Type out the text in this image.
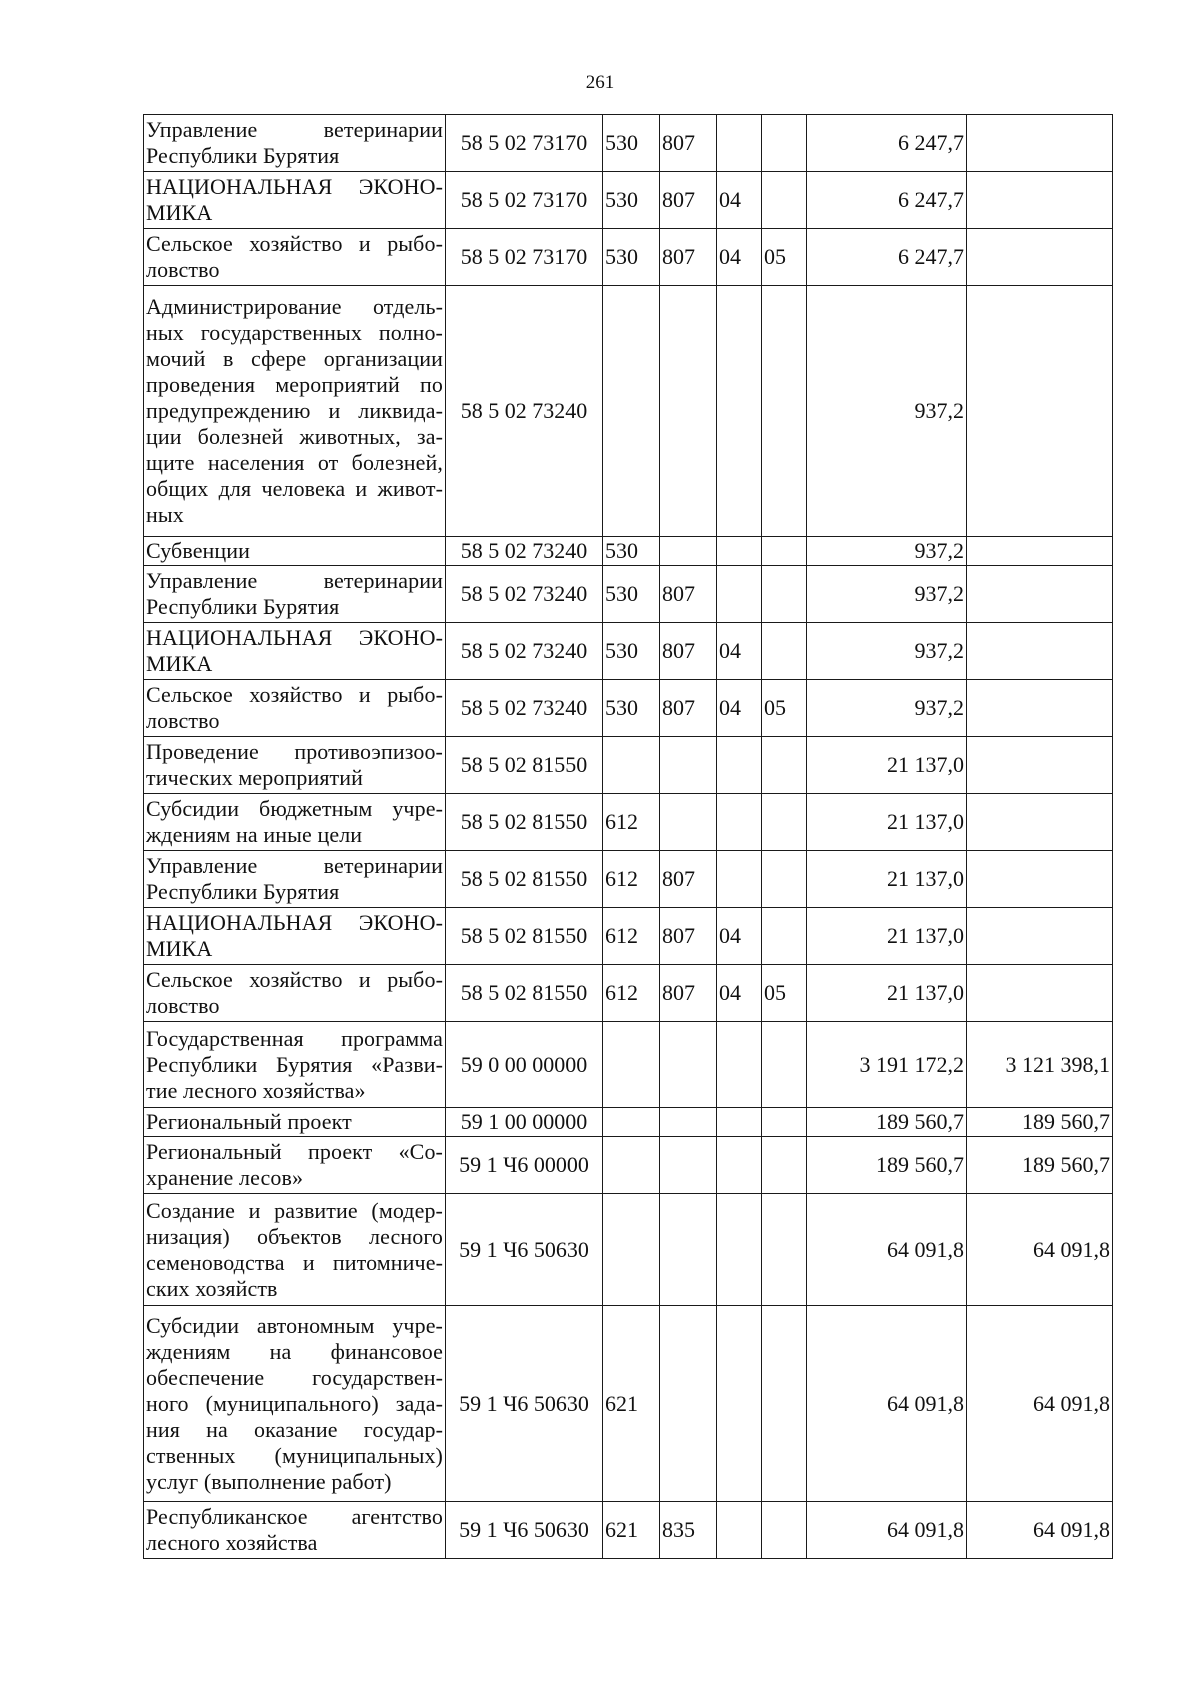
261
Управление ветеринарии Республики Бурятия	58 5 02 73170	530	807			6 247,7	
НАЦИОНАЛЬНАЯ ЭКОНО-МИКА	58 5 02 73170	530	807	04		6 247,7	
Сельское хозяйство и рыбо-ловство	58 5 02 73170	530	807	04	05	6 247,7	
Администрирование отдель-ных государственных полно-мочий в сфере организации проведения мероприятий по предупреждению и ликвида-ции болезней животных, за-щите населения от болезней, общих для человека и живот-ных	58 5 02 73240					937,2	
Субвенции	58 5 02 73240	530				937,2	
Управление ветеринарии Республики Бурятия	58 5 02 73240	530	807			937,2	
НАЦИОНАЛЬНАЯ ЭКОНО-МИКА	58 5 02 73240	530	807	04		937,2	
Сельское хозяйство и рыбо-ловство	58 5 02 73240	530	807	04	05	937,2	
Проведение противоэпизоо-тических мероприятий	58 5 02 81550					21 137,0	
Субсидии бюджетным учре-ждениям на иные цели	58 5 02 81550	612				21 137,0	
Управление ветеринарии Республики Бурятия	58 5 02 81550	612	807			21 137,0	
НАЦИОНАЛЬНАЯ ЭКОНО-МИКА	58 5 02 81550	612	807	04		21 137,0	
Сельское хозяйство и рыбо-ловство	58 5 02 81550	612	807	04	05	21 137,0	
Государственная программа Республики Бурятия «Разви-тие лесного хозяйства»	59 0 00 00000					3 191 172,2	3 121 398,1
Региональный проект	59 1 00 00000					189 560,7	189 560,7
Региональный проект «Со-хранение лесов»	59 1 Ч6 00000					189 560,7	189 560,7
Создание и развитие (модер-низация) объектов лесного семеноводства и питомниче-ских хозяйств	59 1 Ч6 50630					64 091,8	64 091,8
Субсидии автономным учре-ждениям на финансовое обеспечение государствен-ного (муниципального) зада-ния на оказание государ-ственных (муниципальных) услуг (выполнение работ)	59 1 Ч6 50630	621				64 091,8	64 091,8
Республиканское агентство лесного хозяйства	59 1 Ч6 50630	621	835			64 091,8	64 091,8
